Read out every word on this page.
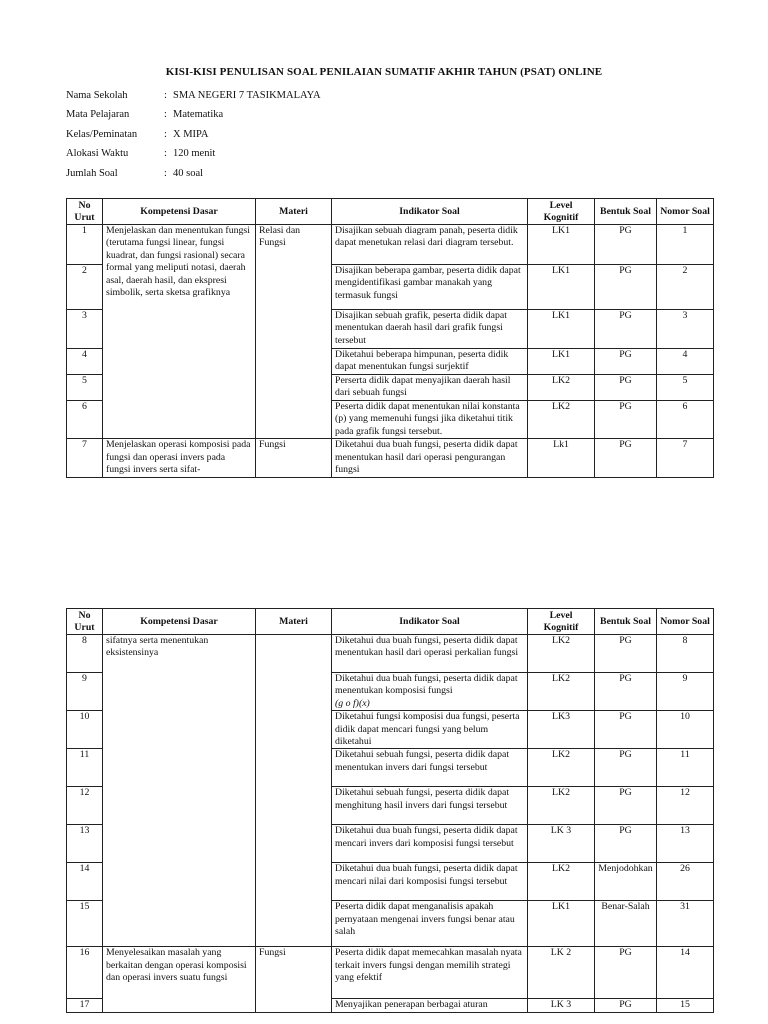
KISI-KISI PENULISAN SOAL PENILAIAN SUMATIF AKHIR TAHUN (PSAT) ONLINE
Nama Sekolah	: SMA NEGERI 7 TASIKMALAYA
Mata Pelajaran	: Matematika
Kelas/Peminatan	: X MIPA
Alokasi Waktu	: 120 menit
Jumlah Soal	: 40 soal
No Urut	Kompetensi Dasar	Materi	Indikator Soal	Level Kognitif	Bentuk Soal	Nomor Soal
1	Menjelaskan dan menentukan fungsi (terutama fungsi linear, fungsi kuadrat, dan fungsi rasional) secara formal yang meliputi notasi, daerah asal, daerah hasil, dan ekspresi simbolik, serta sketsa grafiknya	Relasi dan Fungsi	Disajikan sebuah diagram panah, peserta didik dapat menetukan relasi dari diagram tersebut.	LK1	PG	1
2			Disajikan beberapa gambar, peserta didik dapat mengidentifikasi gambar manakah yang termasuk fungsi	LK1	PG	2
3			Disajikan sebuah grafik, peserta didik dapat menentukan daerah hasil dari grafik fungsi tersebut	LK1	PG	3
4			Diketahui beberapa himpunan, peserta didik dapat menentukan fungsi surjektif	LK1	PG	4
5			Perserta didik dapat menyajikan daerah hasil dari sebuah fungsi	LK2	PG	5
6			Peserta didik dapat menentukan nilai konstanta (p) yang memenuhi fungsi jika diketahui titik pada grafik fungsi tersebut.	LK2	PG	6
7	Menjelaskan operasi komposisi pada fungsi dan operasi invers pada fungsi invers serta sifat-	Fungsi	Diketahui dua buah fungsi, peserta didik dapat menentukan hasil dari operasi pengurangan fungsi	Lk1	PG	7
No Urut	Kompetensi Dasar	Materi	Indikator Soal	Level Kognitif	Bentuk Soal	Nomor Soal
8	sifatnya serta menentukan eksistensinya		Diketahui dua buah fungsi, peserta didik dapat menentukan hasil dari operasi perkalian fungsi	LK2	PG	8
9			Diketahui dua buah fungsi, peserta didik dapat menentukan komposisi fungsi
(g o f)(x)	LK2	PG	9
10			Diketahui fungsi komposisi dua fungsi, peserta didik dapat mencari fungsi yang belum diketahui	LK3	PG	10
11			Diketahui sebuah fungsi, peserta didik dapat menentukan invers dari fungsi tersebut	LK2	PG	11
12			Diketahui sebuah fungsi, peserta didik dapat menghitung hasil invers dari fungsi tersebut	LK2	PG	12
13			Diketahui dua buah fungsi, peserta didik dapat mencari invers dari komposisi fungsi tersebut	LK 3	PG	13
14			Diketahui dua buah fungsi, peserta didik dapat mencari nilai dari komposisi fungsi tersebut	LK2	Menjodohkan	26
15			Peserta didik dapat menganalisis apakah pernyataan mengenai invers fungsi benar atau salah	LK1	Benar-Salah	31
16	Menyelesaikan masalah yang berkaitan dengan operasi komposisi dan operasi invers suatu fungsi	Fungsi	Peserta didik dapat memecahkan masalah nyata terkait invers fungsi dengan memilih strategi yang efektif	LK 2	PG	14
17			Menyajikan penerapan berbagai aturan	LK 3	PG	15
